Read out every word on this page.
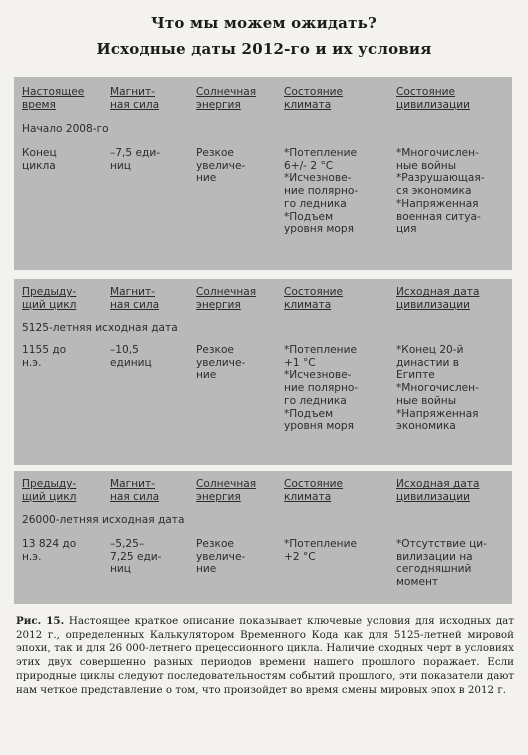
Что мы можем ожидать?
Исходные даты 2012-го и их условия
Настоящее
время
Магнит-
ная сила
Солнечная
энергия
Состояние
климата
Состояние
цивилизации
Начало 2008-го
Конец
цикла
–7,5 еди-
ниц
Резкое
увеличе-
ние
*Потепление
6+/- 2 °C
*Исчезнове-
ние полярно-
го ледника
*Подъем
уровня моря
*Многочислен-
ные войны
*Разрушающая-
ся экономика
*Напряженная
военная ситуа-
ция
Предыду-
щий цикл
Магнит-
ная сила
Солнечная
энергия
Состояние
климата
Исходная дата
цивилизации
5125-летняя исходная дата
1155 до
н.э.
–10,5
единиц
Резкое
увеличе-
ние
*Потепление
+1 °C
*Исчезнове-
ние полярно-
го ледника
*Подъем
уровня моря
*Конец 20-й
династии в
Египте
*Многочислен-
ные войны
*Напряженная
экономика
Предыду-
щий цикл
Магнит-
ная сила
Солнечная
энергия
Состояние
климата
Исходная дата
цивилизации
26000-летняя исходная дата
13 824 до
н.э.
–5,25–
7,25 еди-
ниц
Резкое
увеличе-
ние
*Потепление
+2 °C
*Отсутствие ци-
вилизации на
сегодняшний
момент
Рис. 15. Настоящее краткое описание показывает ключевые условия для исходных дат 2012 г., определенных Калькулятором Временного Кода как для 5125-летней мировой эпохи, так и для 26 000-летнего прецессионного цикла. Наличие сходных черт в условиях этих двух совершенно разных периодов времени нашего прошлого поражает. Если природные циклы следуют последовательностям событий прошлого, эти показатели дают нам четкое представление о том, что произойдет во время смены мировых эпох в 2012 г.
